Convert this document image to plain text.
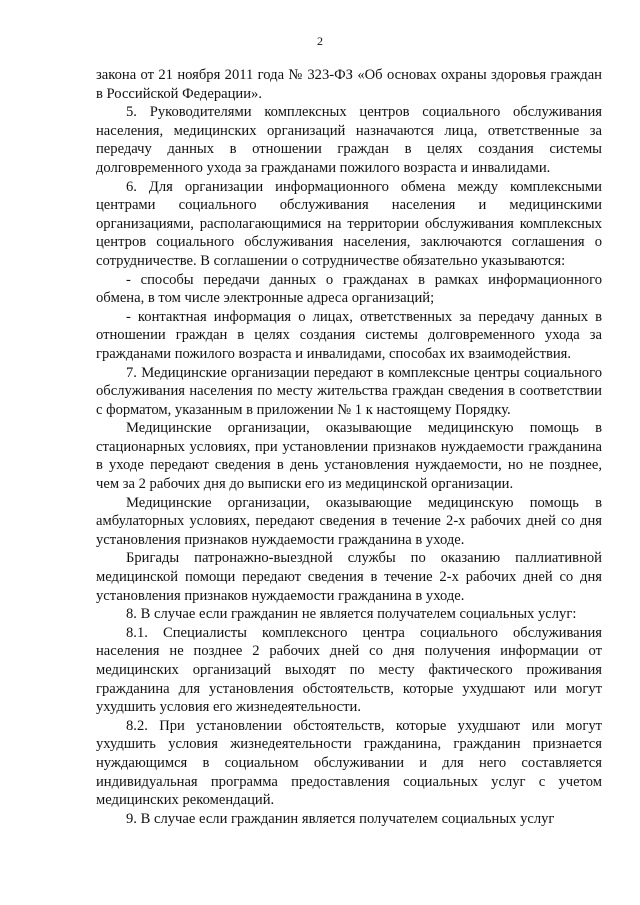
2

закона от 21 ноября 2011 года № 323-ФЗ «Об основах охраны здоровья граждан в Российской Федерации».

5. Руководителями комплексных центров социального обслуживания населения, медицинских организаций назначаются лица, ответственные за передачу данных в отношении граждан в целях создания системы долговременного ухода за гражданами пожилого возраста и инвалидами.

6. Для организации информационного обмена между комплексными центрами социального обслуживания населения и медицинскими организациями, располагающимися на территории обслуживания комплексных центров социального обслуживания населения, заключаются соглашения о сотрудничестве. В соглашении о сотрудничестве обязательно указываются:

- способы передачи данных о гражданах в рамках информационного обмена, в том числе электронные адреса организаций;

- контактная информация о лицах, ответственных за передачу данных в отношении граждан в целях создания системы долговременного ухода за гражданами пожилого возраста и инвалидами, способах их взаимодействия.

7. Медицинские организации передают в комплексные центры социального обслуживания населения по месту жительства граждан сведения в соответствии с форматом, указанным в приложении № 1 к настоящему Порядку.

Медицинские организации, оказывающие медицинскую помощь в стационарных условиях, при установлении признаков нуждаемости гражданина в уходе передают сведения в день установления нуждаемости, но не позднее, чем за 2 рабочих дня до выписки его из медицинской организации.

Медицинские организации, оказывающие медицинскую помощь в амбулаторных условиях, передают сведения в течение 2-х рабочих дней со дня установления признаков нуждаемости гражданина в уходе.

Бригады патронажно-выездной службы по оказанию паллиативной медицинской помощи передают сведения в течение 2-х рабочих дней со дня установления признаков нуждаемости гражданина в уходе.

8. В случае если гражданин не является получателем социальных услуг:

8.1. Специалисты комплексного центра социального обслуживания населения не позднее 2 рабочих дней со дня получения информации от медицинских организаций выходят по месту фактического проживания гражданина для установления обстоятельств, которые ухудшают или могут ухудшить условия его жизнедеятельности.

8.2. При установлении обстоятельств, которые ухудшают или могут ухудшить условия жизнедеятельности гражданина, гражданин признается нуждающимся в социальном обслуживании и для него составляется индивидуальная программа предоставления социальных услуг с учетом медицинских рекомендаций.

9. В случае если гражданин является получателем социальных услуг
